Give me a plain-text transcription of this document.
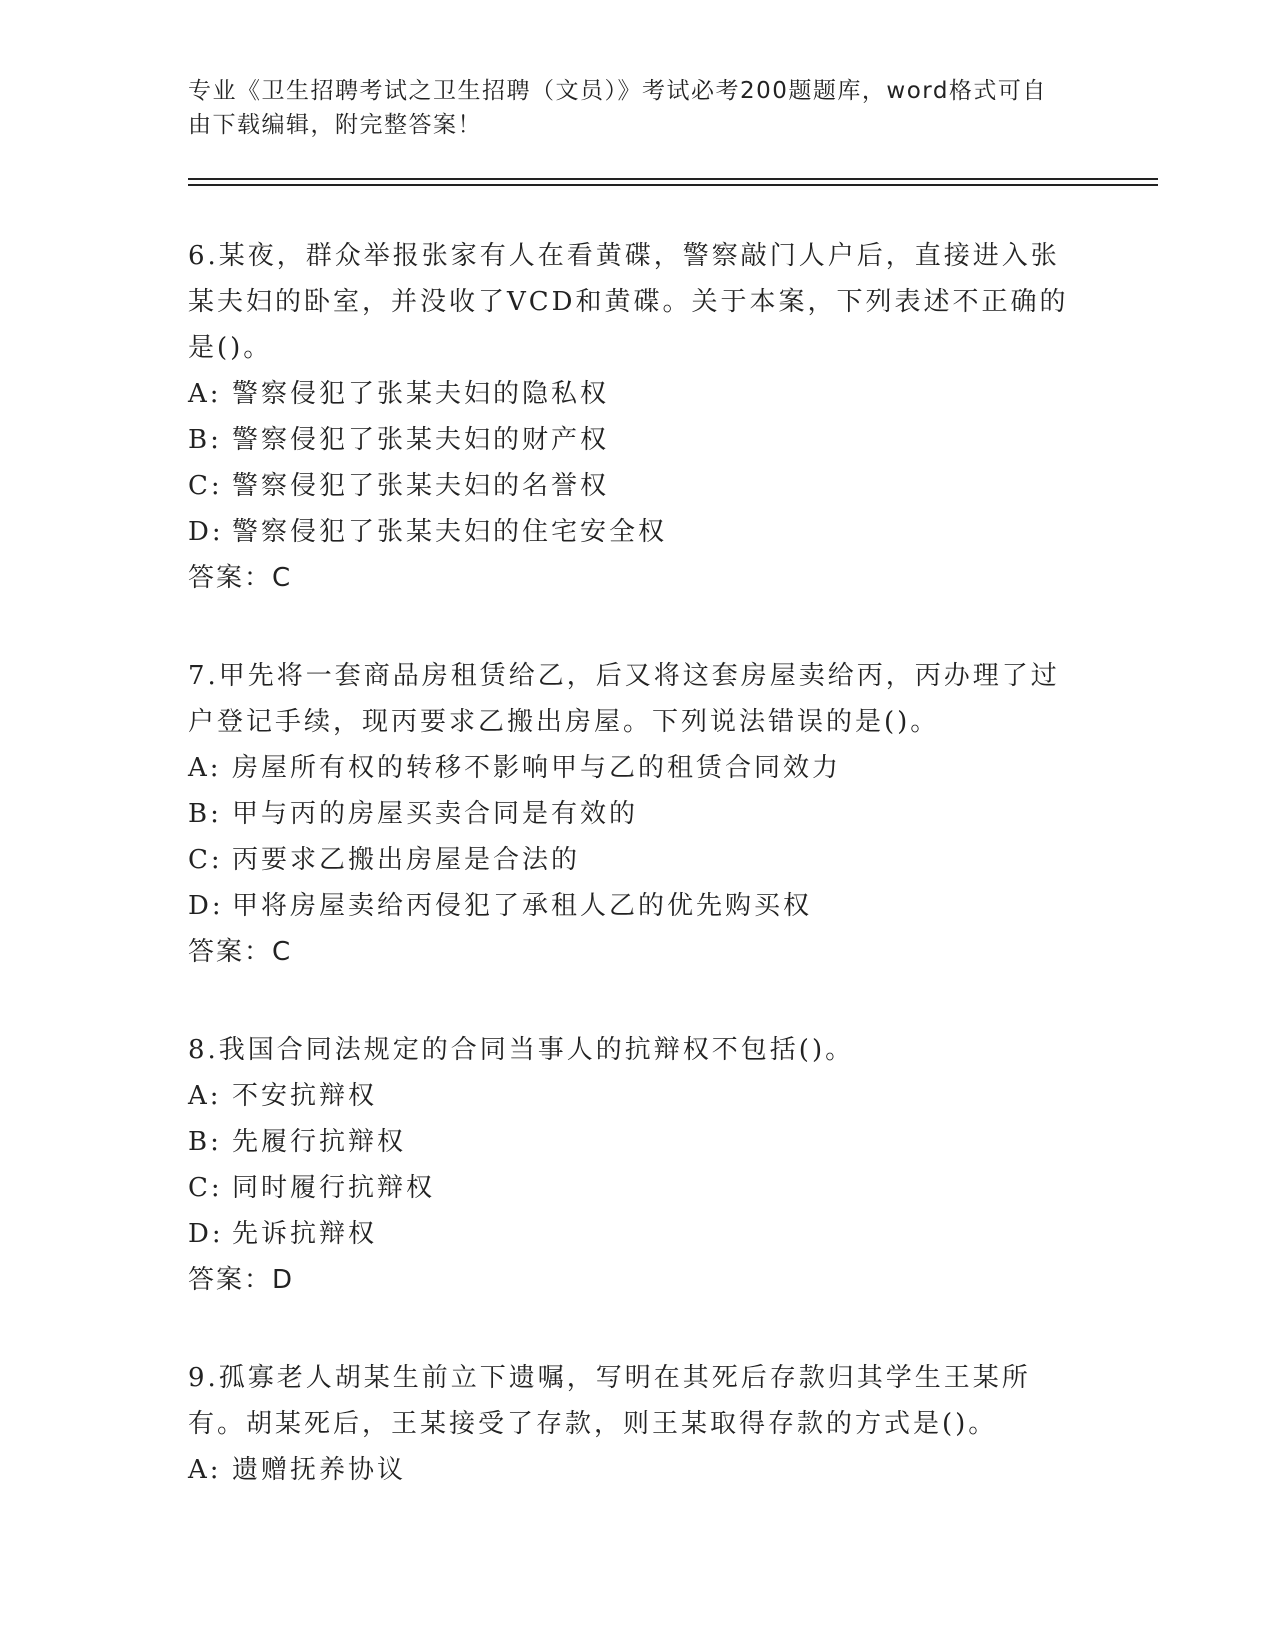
专业《卫生招聘考试之卫生招聘（文员）》考试必考200题题库，word格式可自由下载编辑，附完整答案！

6.某夜，群众举报张家有人在看黄碟，警察敲门人户后，直接进入张某夫妇的卧室，并没收了VCD和黄碟。关于本案，下列表述不正确的是()。

A: 警察侵犯了张某夫妇的隐私权
B: 警察侵犯了张某夫妇的财产权
C: 警察侵犯了张某夫妇的名誉权
D: 警察侵犯了张某夫妇的住宅安全权
答案：C

7.甲先将一套商品房租赁给乙，后又将这套房屋卖给丙，丙办理了过户登记手续，现丙要求乙搬出房屋。下列说法错误的是()。

A: 房屋所有权的转移不影响甲与乙的租赁合同效力
B: 甲与丙的房屋买卖合同是有效的
C: 丙要求乙搬出房屋是合法的
D: 甲将房屋卖给丙侵犯了承租人乙的优先购买权
答案：C

8.我国合同法规定的合同当事人的抗辩权不包括()。

A: 不安抗辩权
B: 先履行抗辩权
C: 同时履行抗辩权
D: 先诉抗辩权
答案：D

9.孤寡老人胡某生前立下遗嘱，写明在其死后存款归其学生王某所有。胡某死后，王某接受了存款，则王某取得存款的方式是()。

A: 遗赠抚养协议
